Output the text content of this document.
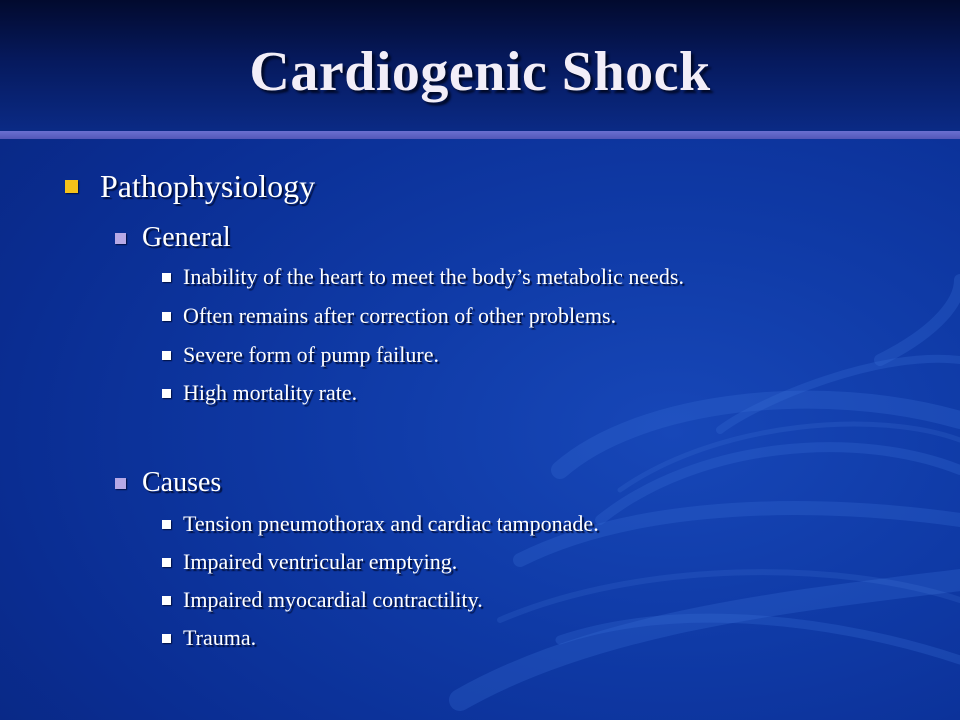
Cardiogenic Shock
Pathophysiology
General
Inability of the heart to meet the body’s metabolic needs.
Often remains after correction of other problems.
Severe form of pump failure.
High mortality rate.
Causes
Tension pneumothorax and cardiac tamponade.
Impaired ventricular emptying.
Impaired myocardial contractility.
Trauma.
